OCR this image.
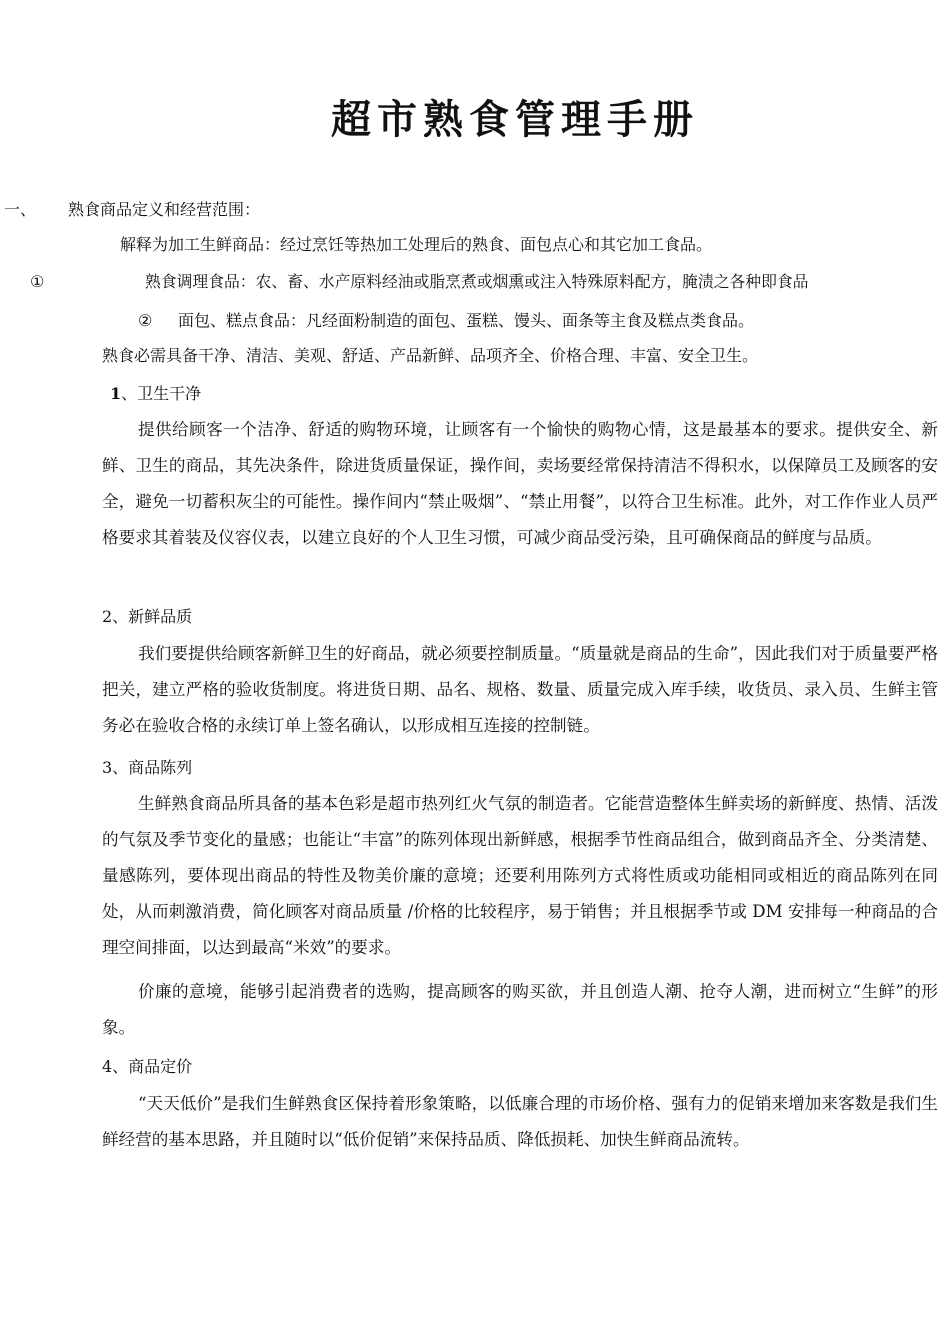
超市熟食管理手册
一、 熟食商品定义和经营范围：
解释为加工生鲜商品：经过烹饪等热加工处理后的熟食、面包点心和其它加工食品。
①	熟食调理食品：农、畜、水产原料经油或脂烹煮或烟熏或注入特殊原料配方，腌渍之各种即食品
② 面包、糕点食品：凡经面粉制造的面包、蛋糕、馒头、面条等主食及糕点类食品。
熟食必需具备干净、清洁、美观、舒适、产品新鲜、品项齐全、价格合理、丰富、安全卫生。
1、卫生干净

提供给顾客一个洁净、舒适的购物环境，让顾客有一个愉快的购物心情，这是最基本的要求。提供安全、新鲜、卫生的商品，其先决条件，除进货质量保证，操作间，卖场要经常保持清洁不得积水，以保障员工及顾客的安全，避免一切蓄积灰尘的可能性。操作间内“禁止吸烟”、“禁止用餐”，以符合卫生标准。此外，对工作作业人员严格要求其着装及仪容仪表，以建立良好的个人卫生习惯，可减少商品受污染，且可确保商品的鲜度与品质。

2、新鲜品质

我们要提供给顾客新鲜卫生的好商品，就必须要控制质量。“质量就是商品的生命”，因此我们对于质量要严格把关，建立严格的验收货制度。将进货日期、品名、规格、数量、质量完成入库手续，收货员、录入员、生鲜主管务必在验收合格的永续订单上签名确认，以形成相互连接的控制链。

3、商品陈列

生鲜熟食商品所具备的基本色彩是超市热列红火气氛的制造者。它能营造整体生鲜卖场的新鲜度、热情、活泼的气氛及季节变化的量感；也能让“丰富”的陈列体现出新鲜感，根据季节性商品组合，做到商品齐全、分类清楚、量感陈列，要体现出商品的特性及物美价廉的意境；还要利用陈列方式将性质或功能相同或相近的商品陈列在同处，从而刺激消费，简化顾客对商品质量 /价格的比较程序，易于销售；并且根据季节或 DM 安排每一种商品的合理空间排面，以达到最高“米效”的要求。

价廉的意境，能够引起消费者的选购，提高顾客的购买欲，并且创造人潮、抢夺人潮，进而树立“生鲜”的形象。

4、商品定价

“天天低价”是我们生鲜熟食区保持着形象策略，以低廉合理的市场价格、强有力的促销来增加来客数是我们生鲜经营的基本思路，并且随时以“低价促销”来保持品质、降低损耗、加快生鲜商品流转。
